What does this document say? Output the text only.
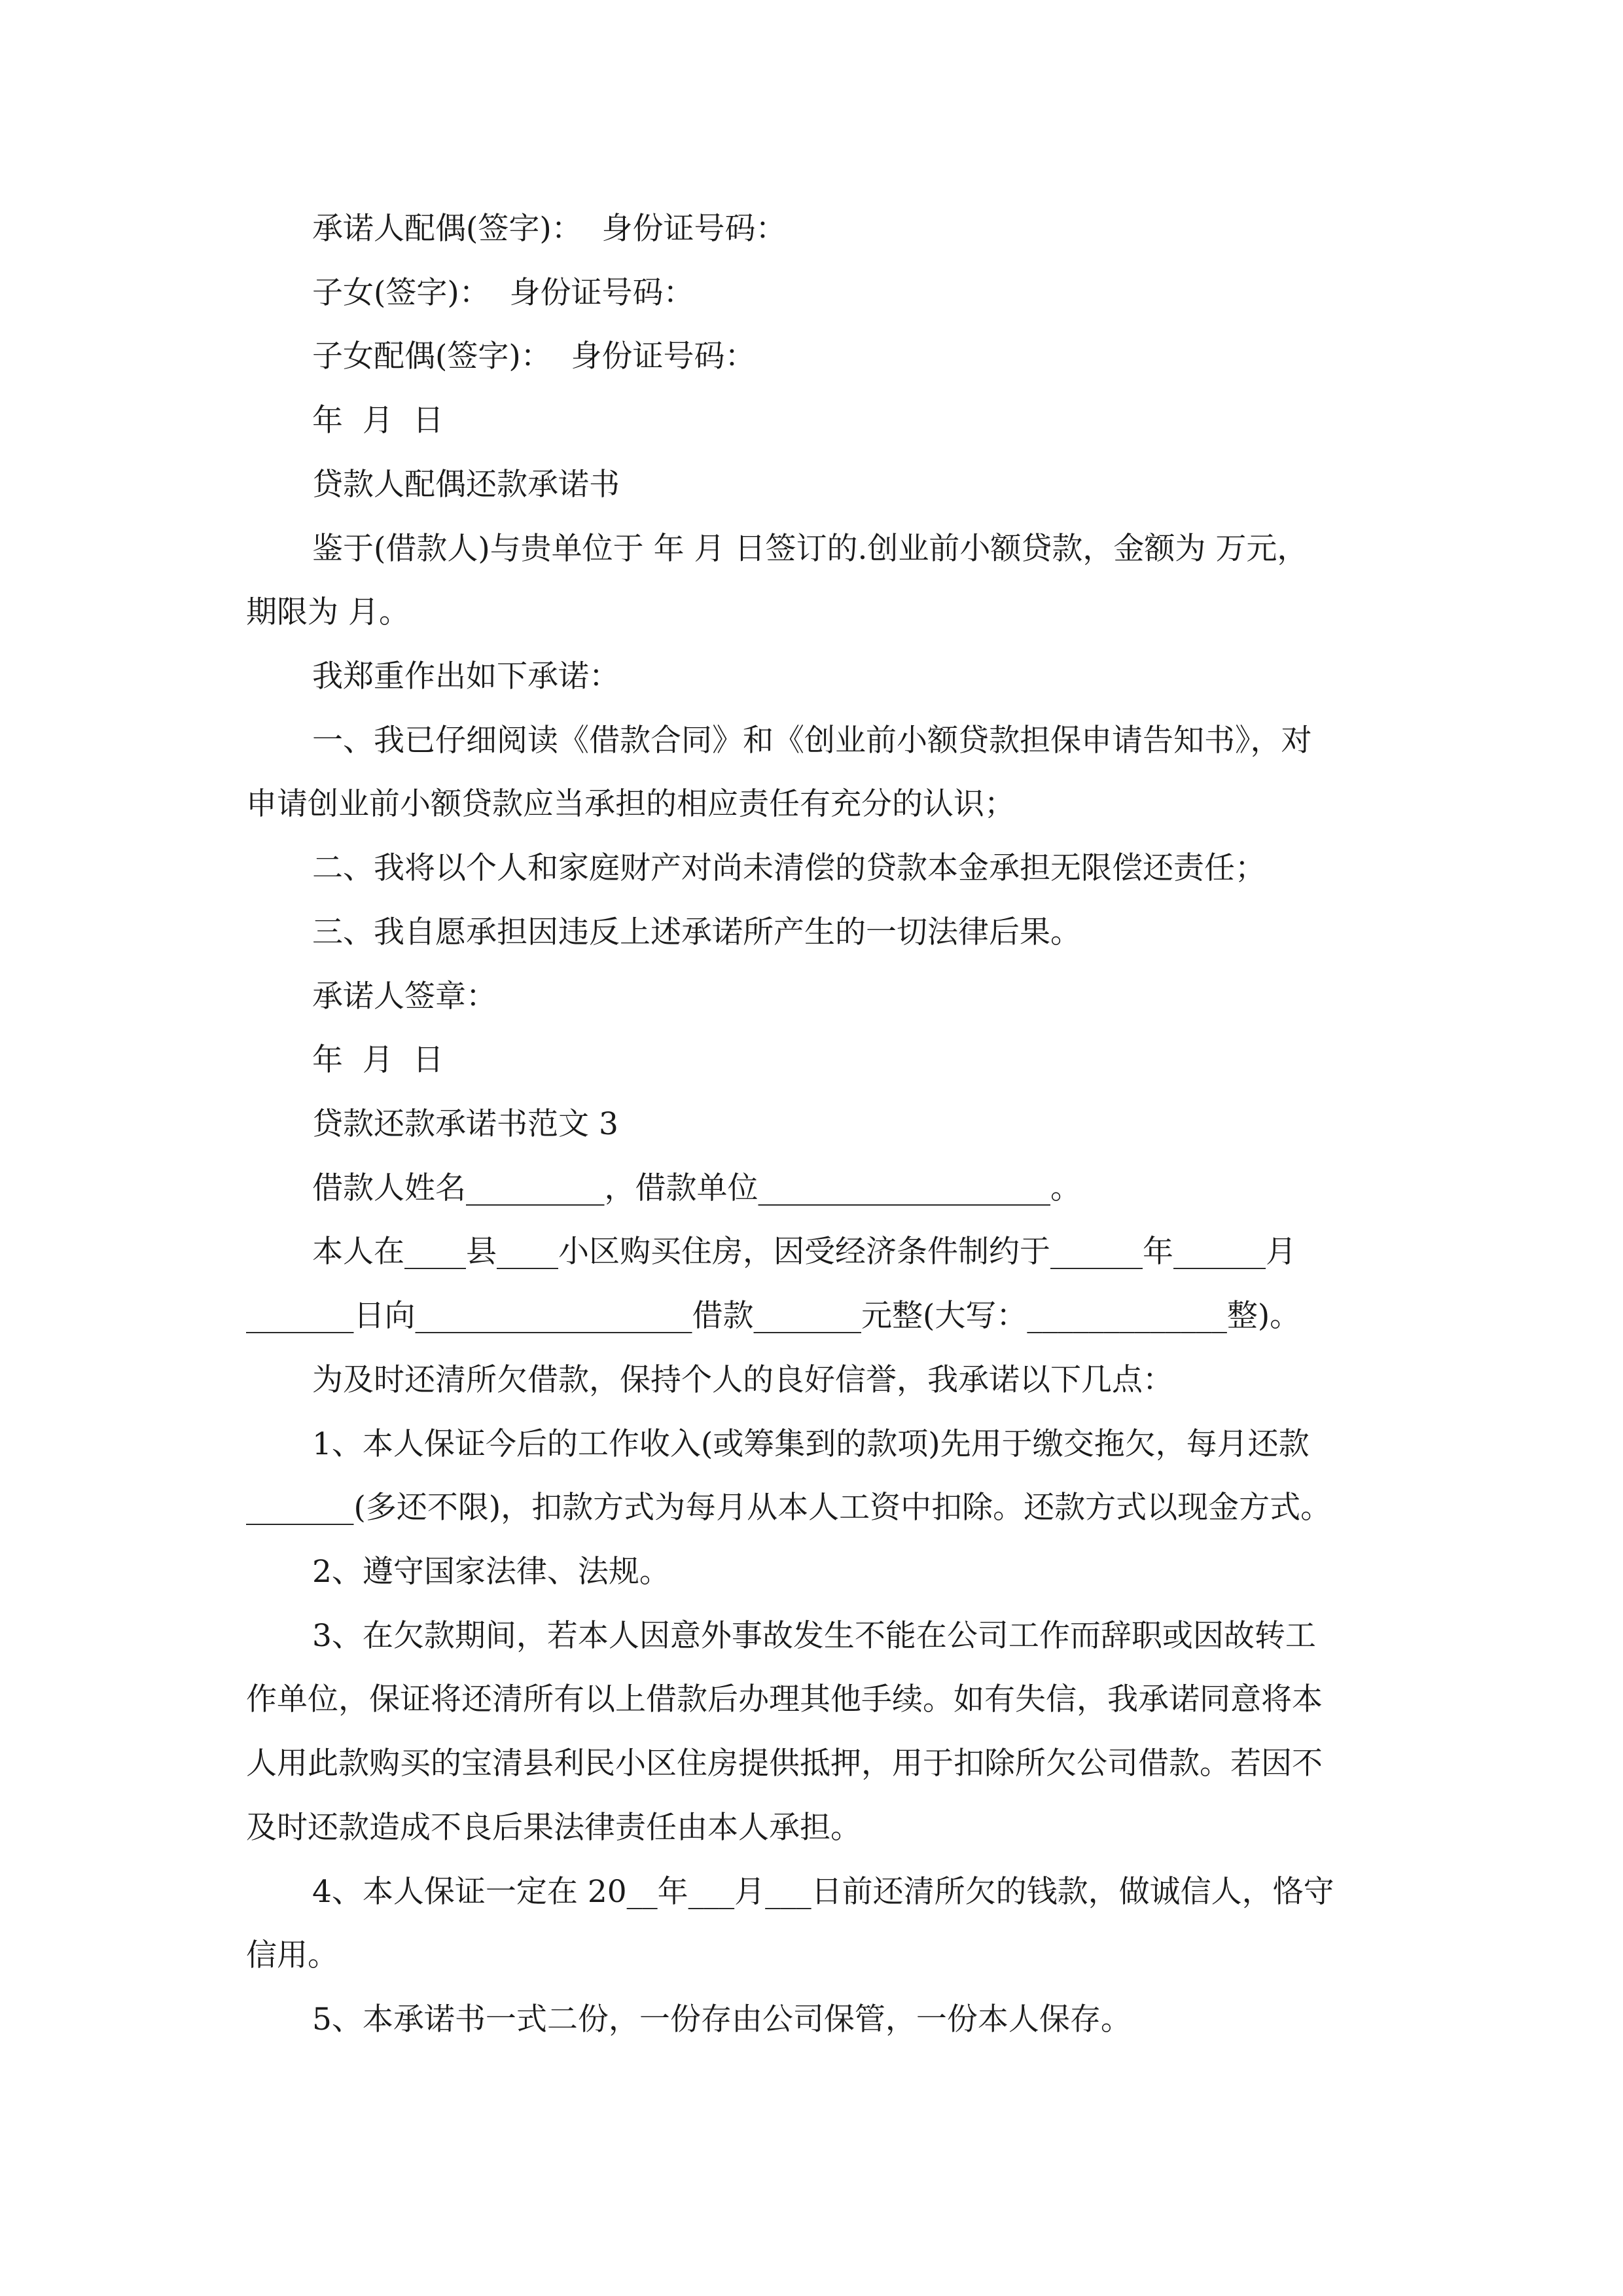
承诺人配偶(签字)：  身份证号码：
子女(签字)：  身份证号码：
子女配偶(签字)：  身份证号码：
年  月  日
贷款人配偶还款承诺书
鉴于(借款人)与贵单位于 年 月 日签订的.创业前小额贷款，金额为 万元，
期限为 月。
我郑重作出如下承诺：
一、我已仔细阅读《借款合同》和《创业前小额贷款担保申请告知书》，对
申请创业前小额贷款应当承担的相应责任有充分的认识；
二、我将以个人和家庭财产对尚未清偿的贷款本金承担无限偿还责任；
三、我自愿承担因违反上述承诺所产生的一切法律后果。
承诺人签章：
年  月  日
贷款还款承诺书范文 3
借款人姓名_________，借款单位___________________。
本人在____县____小区购买住房，因受经济条件制约于______年______月
_______日向__________________借款_______元整(大写：_____________整)。
为及时还清所欠借款，保持个人的良好信誉，我承诺以下几点：
1、本人保证今后的工作收入(或筹集到的款项)先用于缴交拖欠，每月还款
_______(多还不限)，扣款方式为每月从本人工资中扣除。还款方式以现金方式。
2、遵守国家法律、法规。
3、在欠款期间，若本人因意外事故发生不能在公司工作而辞职或因故转工
作单位，保证将还清所有以上借款后办理其他手续。如有失信，我承诺同意将本
人用此款购买的宝清县利民小区住房提供抵押，用于扣除所欠公司借款。若因不
及时还款造成不良后果法律责任由本人承担。
4、本人保证一定在 20__年___月___日前还清所欠的钱款，做诚信人，恪守
信用。
5、本承诺书一式二份，一份存由公司保管，一份本人保存。
